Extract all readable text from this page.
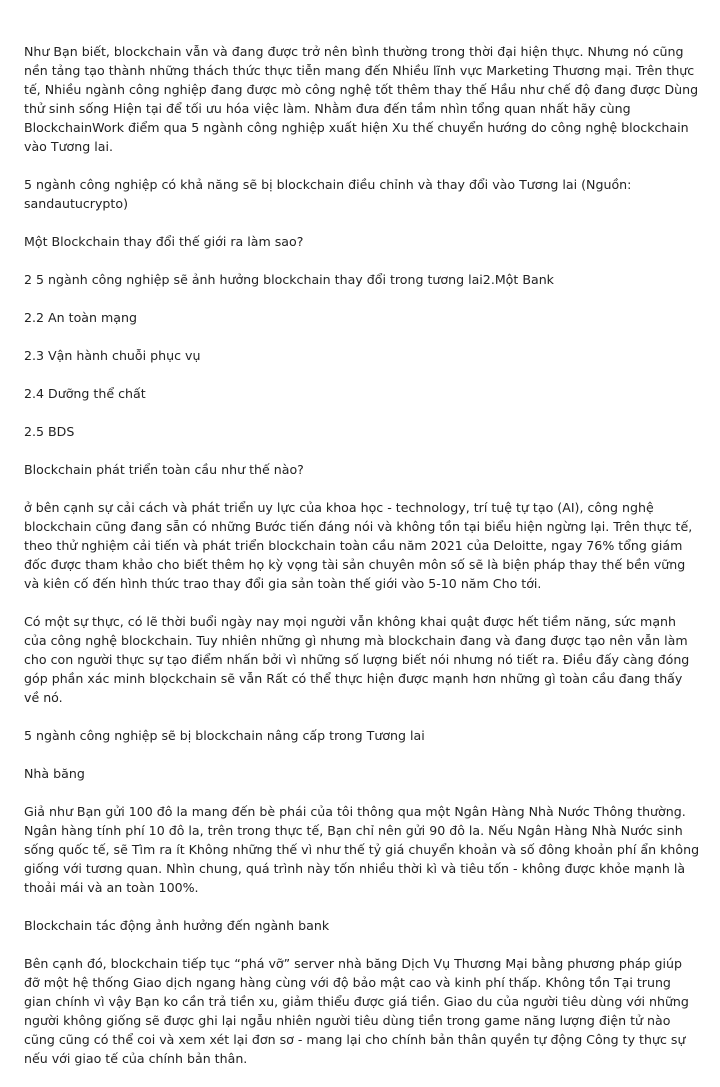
Như Bạn biết, blockchain vẫn và đang được trở nên bình thường trong thời đại hiện thực. Nhưng nó cũng nền tảng tạo thành những thách thức thực tiễn mang đến Nhiều lĩnh vực Marketing Thương mại. Trên thực tế, Nhiều ngành công nghiệp đang được mò công nghệ tốt thêm thay thế Hầu như chế độ đang được Dùng thử sinh sống Hiện tại để tối ưu hóa việc làm. Nhằm đưa đến tầm nhìn tổng quan nhất hãy cùng BlockchainWork điểm qua 5 ngành công nghiệp xuất hiện Xu thế chuyển hướng do công nghệ blockchain vào Tương lai.

5 ngành công nghiệp có khả năng sẽ bị blockchain điều chỉnh và thay đổi vào Tương lai (Nguồn: sandautucrypto)

Một Blockchain thay đổi thế giới ra làm sao?

2 5 ngành công nghiệp sẽ ảnh hưởng blockchain thay đổi trong tương lai2.Một Bank

2.2 An toàn mạng

2.3 Vận hành chuỗi phục vụ

2.4 Dưỡng thể chất

2.5 BDS

Blockchain phát triển toàn cầu như thế nào?

ở bên cạnh sự cải cách và phát triển uy lực của khoa học - technology, trí tuệ tự tạo (AI), công nghệ blockchain cũng đang sẵn có những Bước tiến đáng nói và không tồn tại biểu hiện ngừng lại. Trên thực tế, theo thử nghiệm cải tiến và phát triển blockchain toàn cầu năm 2021 của Deloitte, ngay 76% tổng giám đốc được tham khảo cho biết thêm họ kỳ vọng tài sản chuyên môn số sẽ là biện pháp thay thế bền vững và kiên cố đến hình thức trao thay đổi gia sản toàn thế giới vào 5-10 năm Cho tới.

Có một sự thực, có lẽ thời buổi ngày nay mọi người vẫn không khai quật được hết tiềm năng, sức mạnh của công nghệ blockchain. Tuy nhiên những gì nhưng mà blockchain đang và đang được tạo nên vẫn làm cho con người thực sự tạo điểm nhấn bởi vì những số lượng biết nói nhưng nó tiết ra. Điều đấy càng đóng góp phần xác minh blọckchain sẽ vẫn Rất có thể thực hiện được mạnh hơn những gì toàn cầu đang thấy về nó.

5 ngành công nghiệp sẽ bị blockchain nâng cấp trong Tương lai

Nhà băng

Giả như Bạn gửi 100 đô la mang đến bè phái của tôi thông qua một Ngân Hàng Nhà Nước Thông thường. Ngân hàng tính phí 10 đô la, trên trong thực tế, Bạn chỉ nên gửi 90 đô la. Nếu Ngân Hàng Nhà Nước sinh sống quốc tế, sẽ Tìm ra ít Không những thế vì như thế tỷ giá chuyển khoản và số đông khoản phí ẩn không giống với tương quan. Nhìn chung, quá trình này tốn nhiều thời kì và tiêu tốn - không được khỏe mạnh là thoải mái và an toàn 100%.

Blockchain tác động ảnh hưởng đến ngành bank

Bên cạnh đó, blockchain tiếp tục “phá vỡ” server nhà băng Dịch Vụ Thương Mại bằng phương pháp giúp đỡ một hệ thống Giao dịch ngang hàng cùng với độ bảo mật cao và kinh phí thấp. Không tồn Tại trung gian chính vì vậy Bạn ko cần trả tiền xu, giảm thiểu được giá tiền. Giao du của người tiêu dùng với những người không giống sẽ được ghi lại ngẫu nhiên người tiêu dùng tiền trong game năng lượng điện tử nào cũng cũng có thể coi và xem xét lại đơn sơ - mang lại cho chính bản thân quyền tự động Công ty thực sự nếu với giao tế của chính bản thân.
